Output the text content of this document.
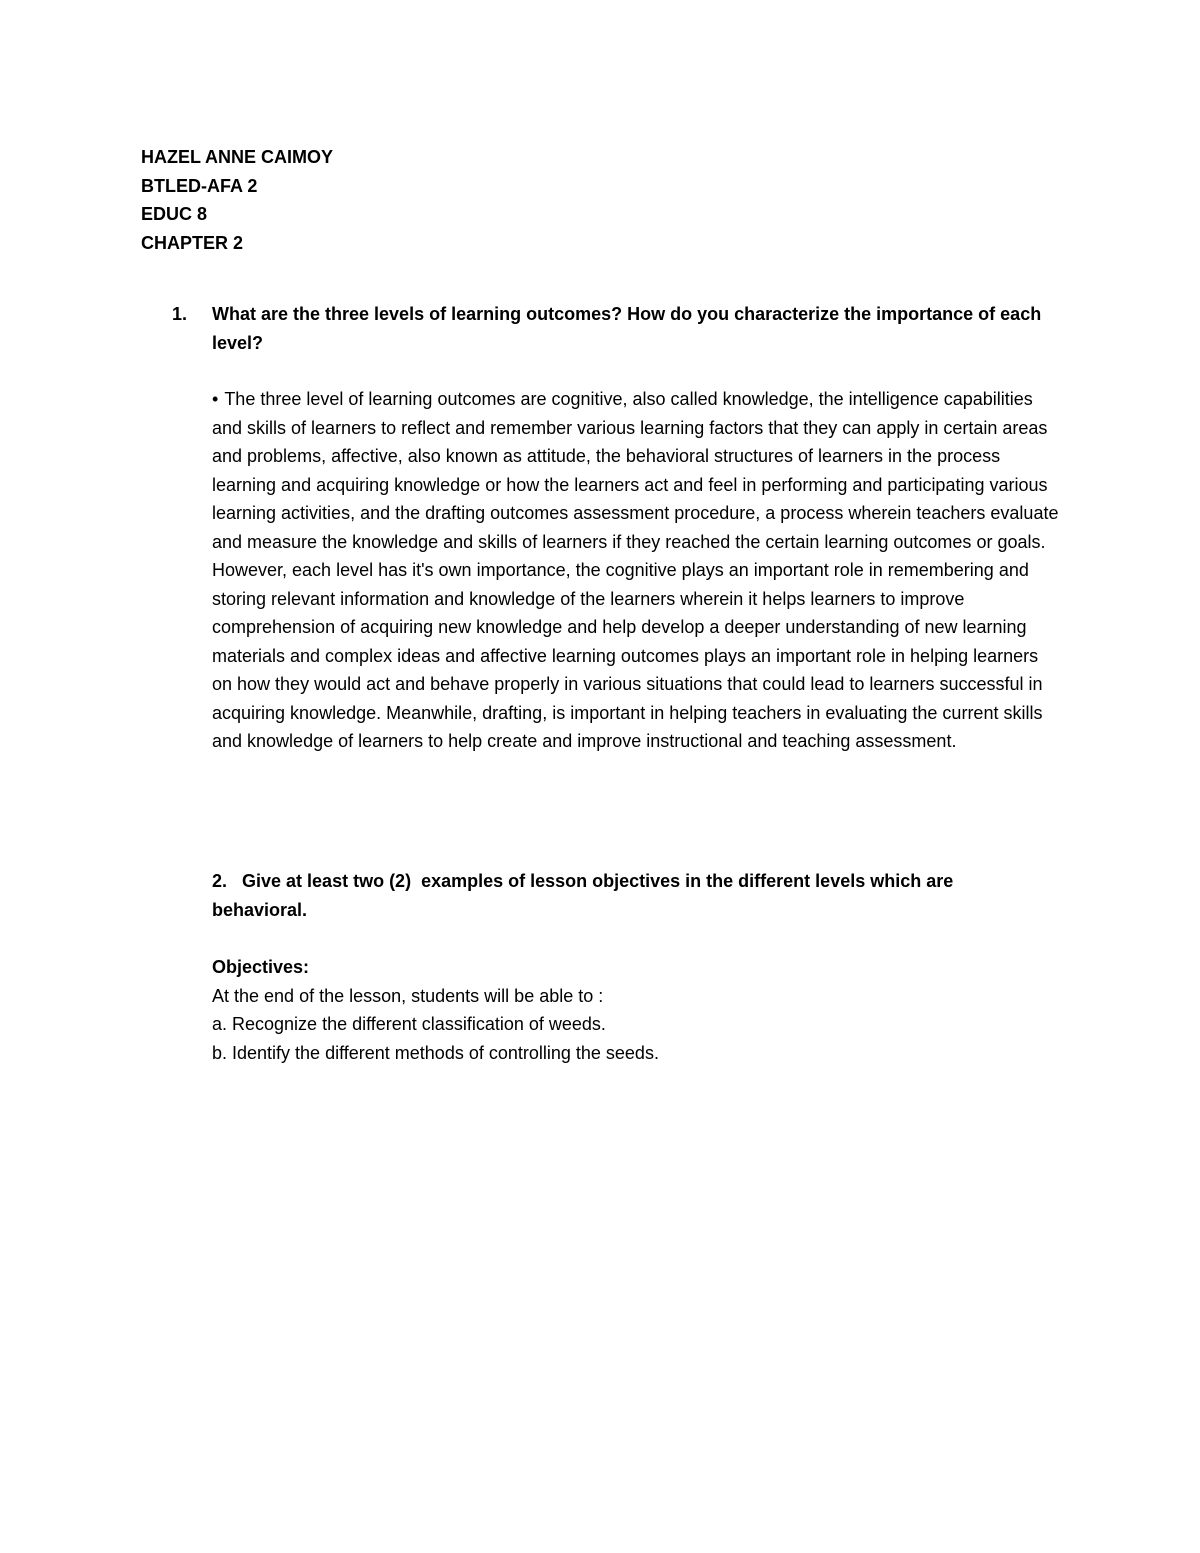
HAZEL ANNE CAIMOY
BTLED-AFA 2
EDUC 8
CHAPTER 2
1. What are the three levels of learning outcomes? How do you characterize the importance of each level?
• The three level of learning outcomes are cognitive, also called knowledge, the intelligence capabilities and skills of learners to reflect and remember various learning factors that they can apply in certain areas and problems, affective, also known as attitude, the behavioral structures of learners in the process learning and acquiring knowledge or how the learners act and feel in performing and participating various learning activities, and the drafting outcomes assessment procedure, a process wherein teachers evaluate and measure the knowledge and skills of learners if they reached the certain learning outcomes or goals. However, each level has it's own importance, the cognitive plays an important role in remembering and storing relevant information and knowledge of the learners wherein it helps learners to improve comprehension of acquiring new knowledge and help develop a deeper understanding of new learning materials and complex ideas and affective learning outcomes plays an important role in helping learners on how they would act and behave properly in various situations that could lead to learners successful in acquiring knowledge. Meanwhile, drafting, is important in helping teachers in evaluating the current skills and knowledge of learners to help create and improve instructional and teaching assessment.
2.   Give at least two (2)  examples of lesson objectives in the different levels which are  behavioral.
Objectives:
At the end of the lesson, students will be able to :
a. Recognize the different classification of weeds.
b. Identify the different methods of controlling the seeds.
